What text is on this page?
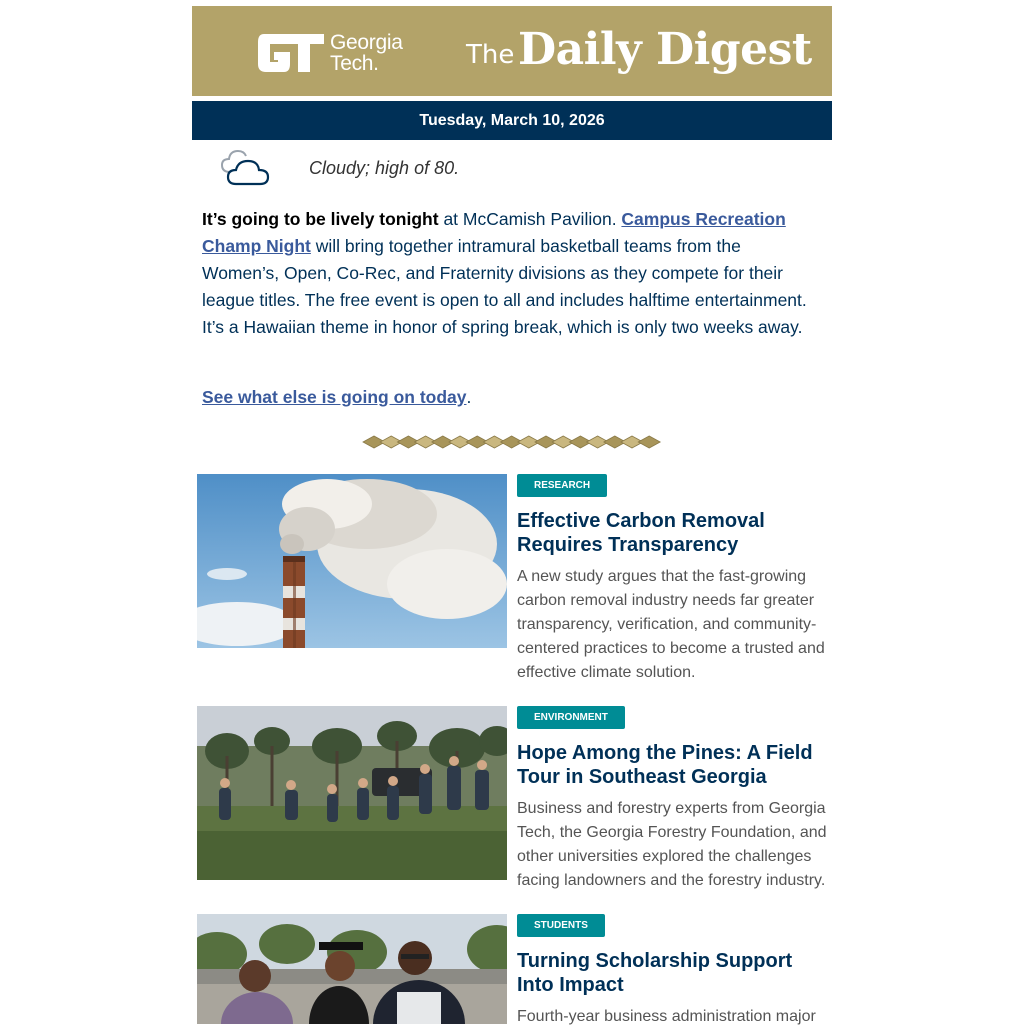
Georgia
Tech.	The Daily Digest
Tuesday, March 10, 2026
Cloudy; high of 80.
It’s going to be lively tonight at McCamish Pavilion. Campus Recreation Champ Night will bring together intramural basketball teams from the Women’s, Open, Co-Rec, and Fraternity divisions as they compete for their league titles. The free event is open to all and includes halftime entertainment. It’s a Hawaiian theme in honor of spring break, which is only two weeks away.
See what else is going on today.
RESEARCH
Effective Carbon Removal Requires Transparency

A new study argues that the fast-growing carbon removal industry needs far greater transparency, verification, and community-centered practices to become a trusted and effective climate solution.

ENVIRONMENT
Hope Among the Pines: A Field Tour in Southeast Georgia

Business and forestry experts from Georgia Tech, the Georgia Forestry Foundation, and other universities explored the challenges facing landowners and the forestry industry.

STUDENTS
Turning Scholarship Support Into Impact

Fourth-year business administration major
